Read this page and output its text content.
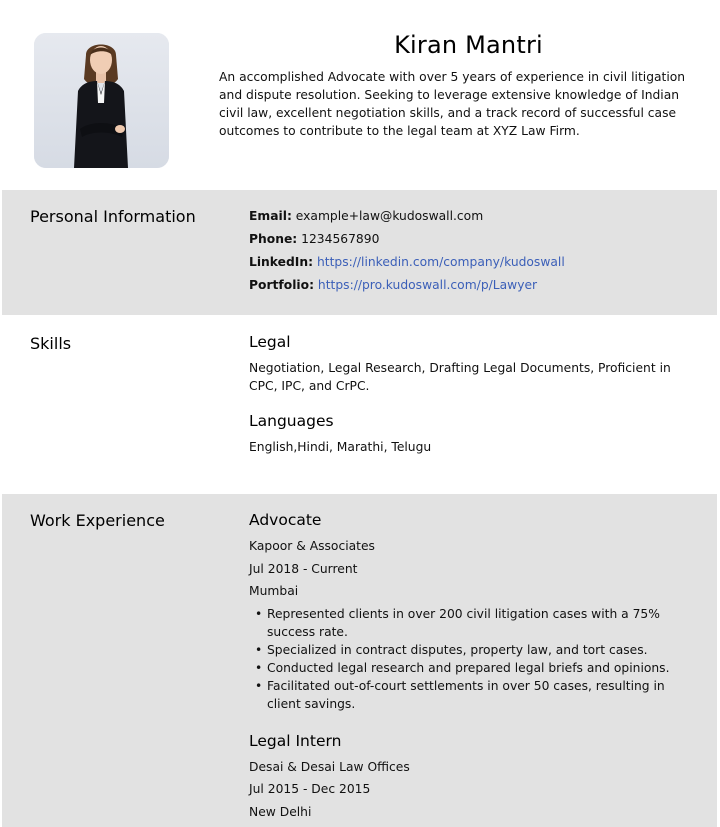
Kiran Mantri
An accomplished Advocate with over 5 years of experience in civil litigation and dispute resolution. Seeking to leverage extensive knowledge of Indian civil law, excellent negotiation skills, and a track record of successful case outcomes to contribute to the legal team at XYZ Law Firm.
Personal Information	Email: example+law@kudoswall.com
Phone: 1234567890
LinkedIn: https://linkedin.com/company/kudoswall
Portfolio: https://pro.kudoswall.com/p/Lawyer
Skills	Legal
Negotiation, Legal Research, Drafting Legal Documents, Proficient in CPC, IPC, and CrPC.
Languages
English,Hindi, Marathi, Telugu
Work Experience	Advocate
Kapoor & Associates
Jul 2018 - Current
Mumbai
• Represented clients in over 200 civil litigation cases with a 75% success rate.
• Specialized in contract disputes, property law, and tort cases.
• Conducted legal research and prepared legal briefs and opinions.
• Facilitated out-of-court settlements in over 50 cases, resulting in client savings.
Legal Intern
Desai & Desai Law Offices
Jul 2015 - Dec 2015
New Delhi
